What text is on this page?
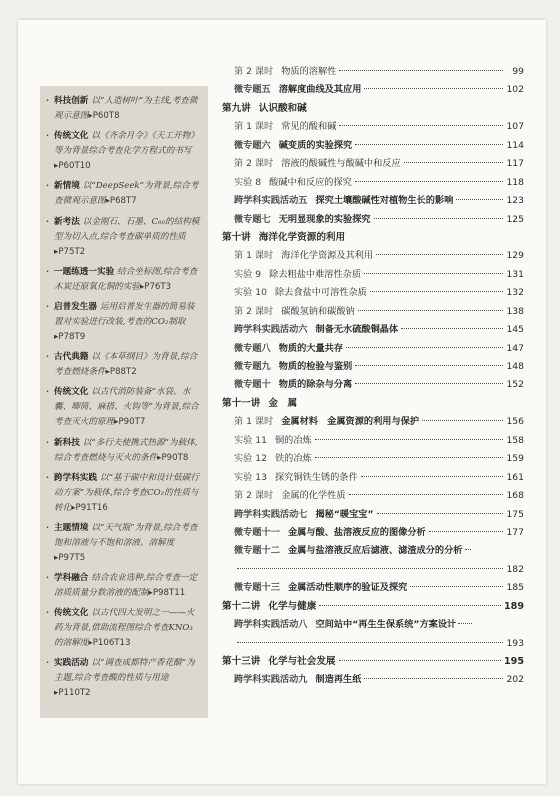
· 科技创新 以“人造树叶”为主线,考查微观示意图▸P60T8
· 传统文化 以《齐余月令》《天工开物》等为背景综合考查化学方程式的书写▸P60T10
· 新情境 以“DeepSeek”为背景,综合考查微观示意图▸P68T7
· 新考法 以金刚石、石墨、C₆₀的结构模型为切入点,综合考查碳单质的性质▸P75T2
· 一题练透一实验 结合坐标图,综合考查木炭还原氧化铜的实验▸P76T3
· 启普发生器 运用启普发生器的简易装置对实验进行改装,考查的CO₂制取▸P78T9
· 古代典籍 以《本草纲目》为背景,综合考查燃烧条件▸P88T2
· 传统文化 以古代消防装备“水袋、水囊、唧筒、麻搭、火钩等”为背景,综合考查灭火的原理▸P90T7
· 新科技 以“多行夫使携式热源”为载体,综合考查燃烧与灭火的条件▸P90T8
· 跨学科实践 以“基于碳中和设计低碳行动方案”为载体,综合考查CO₂的性质与转化▸P91T16
· 主题情境 以“天气瓶”为背景,综合考查饱和溶液与不饱和溶液、溶解度▸P97T5
· 学科融合 结合农业选种,综合考查一定溶质质量分数溶液的配制▸P98T11
· 传统文化 以古代四大发明之一——火药为背景,借助流程图综合考查KNO₃的溶解度▸P106T13
· 实践活动 以“调查成都特产香花醋”为主题,综合考查酸的性质与用途▸P110T2
第 2 课时 物质的溶解性	99
微专题五 溶解度曲线及其应用	102
第九讲 认识酸和碱
第 1 课时 常见的酸和碱	107
微专题六 碱变质的实验探究	114
第 2 课时 溶液的酸碱性与酸碱中和反应	117
实验 8 酸碱中和反应的探究	118
跨学科实践活动五 探究土壤酸碱性对植物生长的影响	123
微专题七 无明显现象的实验探究	125
第十讲 海洋化学资源的利用
第 1 课时 海洋化学资源及其利用	129
实验 9 除去粗盐中难溶性杂质	131
实验 10 除去食盐中可溶性杂质	132
第 2 课时 碳酸氢钠和碳酸钠	138
跨学科实践活动六 制备无水硫酸铜晶体	145
微专题八 物质的大量共存	147
微专题九 物质的检验与鉴别	148
微专题十 物质的除杂与分离	152
第十一讲 金　属
第 1 课时 金属材料　金属资源的利用与保护	156
实验 11 铜的冶炼	158
实验 12 铁的冶炼	159
实验 13 探究铜铁生锈的条件	161
第 2 课时 金属的化学性质	168
跨学科实践活动七 揭秘“暖宝宝”	175
微专题十一 金属与酸、盐溶液反应的图像分析	177
微专题十二 金属与盐溶液反应后滤液、滤渣成分的分析
182
微专题十三 金属活动性顺序的验证及探究	185
第十二讲 化学与健康	189
跨学科实践活动八 空间站中“再生生保系统”方案设计
193
第十三讲 化学与社会发展	195
跨学科实践活动九 制造再生纸	202
